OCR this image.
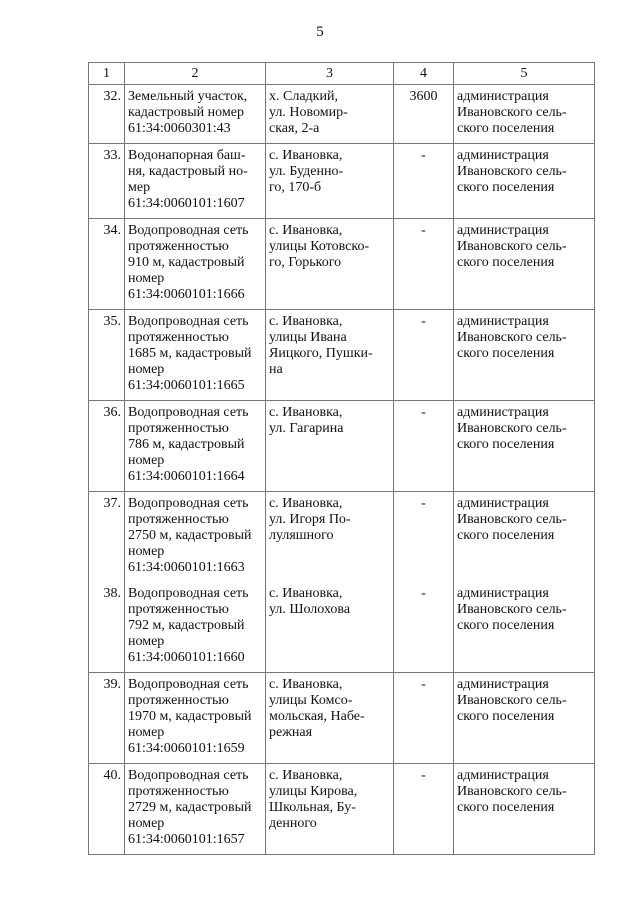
5
1	2	3	4	5
32.	Земельный участок,
кадастровый номер
61:34:0060301:43	х. Сладкий,
ул. Новомир-
ская, 2-а	3600	администрация
Ивановского сель-
ского поселения
33.	Водонапорная баш-
ня, кадастровый но-
мер
61:34:0060101:1607	с. Ивановка,
ул. Буденно-
го, 170-б	-	администрация
Ивановского сель-
ского поселения
34.	Водопроводная сеть
протяженностью
910 м, кадастровый
номер
61:34:0060101:1666	с. Ивановка,
улицы Котовско-
го, Горького	-	администрация
Ивановского сель-
ского поселения
35.	Водопроводная сеть
протяженностью
1685 м, кадастровый
номер
61:34:0060101:1665	с. Ивановка,
улицы Ивана
Яицкого, Пушки-
на	-	администрация
Ивановского сель-
ского поселения
36.	Водопроводная сеть
протяженностью
786 м, кадастровый
номер
61:34:0060101:1664	с. Ивановка,
ул. Гагарина	-	администрация
Ивановского сель-
ского поселения
37.	Водопроводная сеть
протяженностью
2750 м, кадастровый
номер
61:34:0060101:1663	с. Ивановка,
ул. Игоря По-
луляшного	-	администрация
Ивановского сель-
ского поселения
38.	Водопроводная сеть
протяженностью
792 м, кадастровый
номер
61:34:0060101:1660	с. Ивановка,
ул. Шолохова	-	администрация
Ивановского сель-
ского поселения
39.	Водопроводная сеть
протяженностью
1970 м, кадастровый
номер
61:34:0060101:1659	с. Ивановка,
улицы Комсо-
мольская, Набе-
режная	-	администрация
Ивановского сель-
ского поселения
40.	Водопроводная сеть
протяженностью
2729 м, кадастровый
номер
61:34:0060101:1657	с. Ивановка,
улицы Кирова,
Школьная, Бу-
денного	-	администрация
Ивановского сель-
ского поселения
